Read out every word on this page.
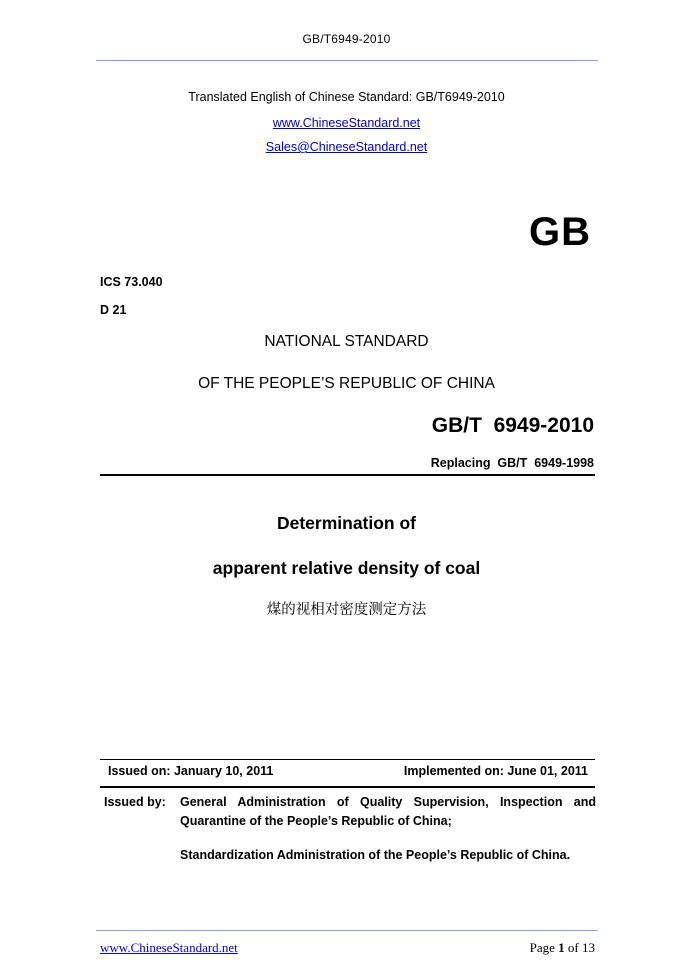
GB/T6949-2010
Translated English of Chinese Standard: GB/T6949-2010
www.ChineseStandard.net
Sales@ChineseStandard.net
GB
ICS 73.040
D 21
NATIONAL STANDARD
OF THE PEOPLE’S REPUBLIC OF CHINA
GB/T  6949-2010
Replacing  GB/T  6949-1998
Determination of
apparent relative density of coal
煤的视相对密度测定方法
Issued on: January 10, 2011	Implemented on: June 01, 2011
Issued by:	General Administration of Quality Supervision, Inspection and Quarantine of the People’s Republic of China;

Standardization Administration of the People’s Republic of China.

www.ChineseStandard.net	Page 1 of 13
